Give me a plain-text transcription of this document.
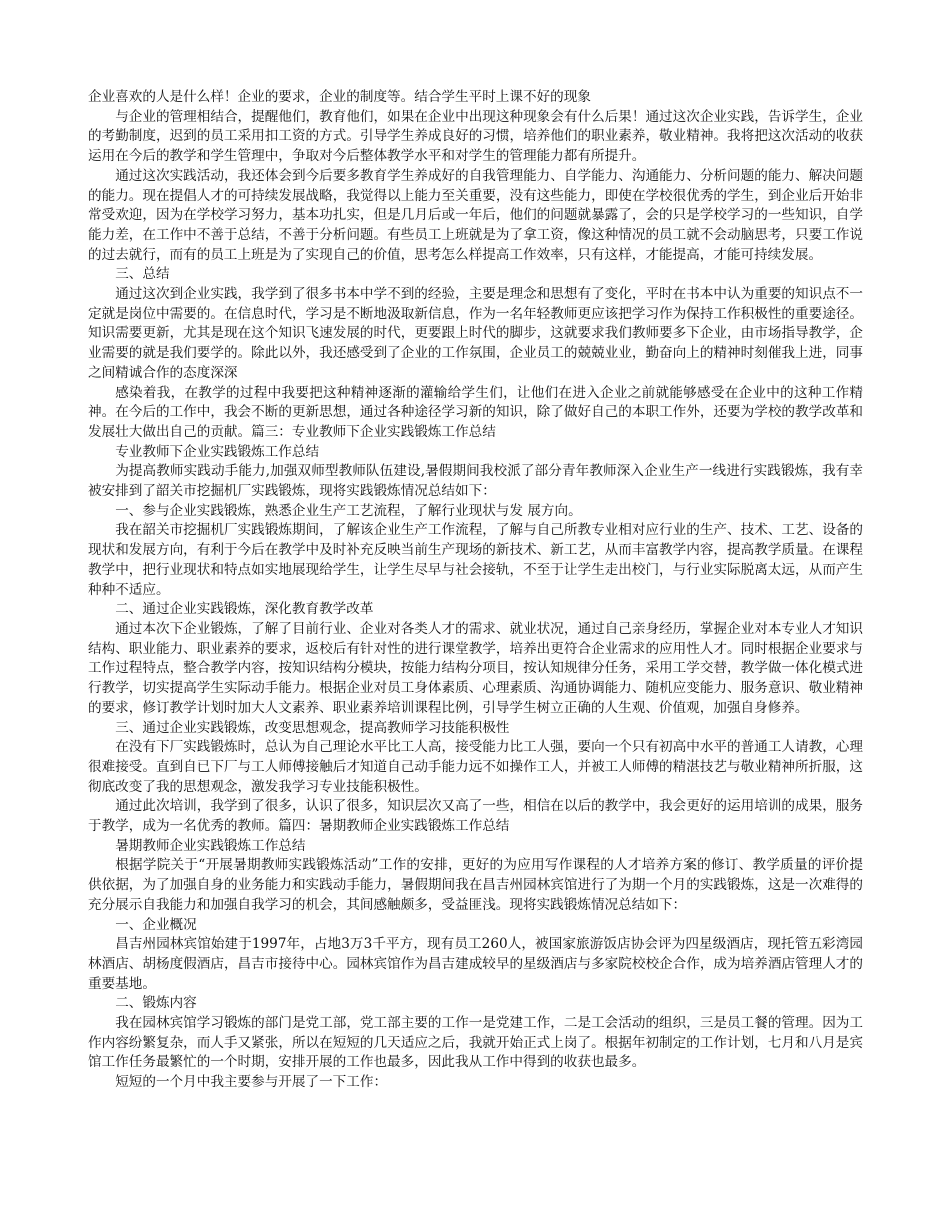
企业喜欢的人是什么样！企业的要求，企业的制度等。结合学生平时上课不好的现象

与企业的管理相结合，提醒他们，教育他们，如果在企业中出现这种现象会有什么后果！通过这次企业实践，告诉学生，企业的考勤制度，迟到的员工采用扣工资的方式。引导学生养成良好的习惯，培养他们的职业素养，敬业精神。我将把这次活动的收获运用在今后的教学和学生管理中，争取对今后整体教学水平和对学生的管理能力都有所提升。

通过这次实践活动，我还体会到今后要多教育学生养成好的自我管理能力、自学能力、沟通能力、分析问题的能力、解决问题的能力。现在提倡人才的可持续发展战略，我觉得以上能力至关重要，没有这些能力，即使在学校很优秀的学生，到企业后开始非常受欢迎，因为在学校学习努力，基本功扎实，但是几月后或一年后，他们的问题就暴露了，会的只是学校学习的一些知识，自学能力差，在工作中不善于总结，不善于分析问题。有些员工上班就是为了拿工资，像这种情况的员工就不会动脑思考，只要工作说的过去就行，而有的员工上班是为了实现自己的价值，思考怎么样提高工作效率，只有这样，才能提高，才能可持续发展。

三、总结

通过这次到企业实践，我学到了很多书本中学不到的经验，主要是理念和思想有了变化，平时在书本中认为重要的知识点不一定就是岗位中需要的。在信息时代，学习是不断地汲取新信息，作为一名年轻教师更应该把学习作为保持工作积极性的重要途径。知识需要更新，尤其是现在这个知识飞速发展的时代，更要跟上时代的脚步，这就要求我们教师要多下企业，由市场指导教学，企业需要的就是我们要学的。除此以外，我还感受到了企业的工作氛围，企业员工的兢兢业业，勤奋向上的精神时刻催我上进，同事之间精诚合作的态度深深

感染着我，在教学的过程中我要把这种精神逐渐的灌输给学生们，让他们在进入企业之前就能够感受在企业中的这种工作精神。在今后的工作中，我会不断的更新思想，通过各种途径学习新的知识，除了做好自己的本职工作外，还要为学校的教学改革和发展壮大做出自己的贡献。篇三：专业教师下企业实践锻炼工作总结

专业教师下企业实践锻炼工作总结

为提高教师实践动手能力,加强双师型教师队伍建设,暑假期间我校派了部分青年教师深入企业生产一线进行实践锻炼，我有幸被安排到了韶关市挖掘机厂实践锻炼，现将实践锻炼情况总结如下：

一、参与企业实践锻炼，熟悉企业生产工艺流程，了解行业现状与发 展方向。

我在韶关市挖掘机厂实践锻炼期间，了解该企业生产工作流程，了解与自己所教专业相对应行业的生产、技术、工艺、设备的现状和发展方向，有利于今后在教学中及时补充反映当前生产现场的新技术、新工艺，从而丰富教学内容，提高教学质量。在课程教学中，把行业现状和特点如实地展现给学生，让学生尽早与社会接轨，不至于让学生走出校门，与行业实际脱离太远，从而产生种种不适应。

二、通过企业实践锻炼，深化教育教学改革

通过本次下企业锻炼，了解了目前行业、企业对各类人才的需求、就业状况，通过自己亲身经历，掌握企业对本专业人才知识结构、职业能力、职业素养的要求，返校后有针对性的进行课堂教学，培养出更符合企业需求的应用性人才。同时根据企业要求与工作过程特点，整合教学内容，按知识结构分模块，按能力结构分项目，按认知规律分任务，采用工学交替，教学做一体化模式进行教学，切实提高学生实际动手能力。根据企业对员工身体素质、心理素质、沟通协调能力、随机应变能力、服务意识、敬业精神的要求，修订教学计划时加大人文素养、职业素养培训课程比例，引导学生树立正确的人生观、价值观，加强自身修养。

三、通过企业实践锻炼，改变思想观念，提高教师学习技能积极性

在没有下厂实践锻炼时，总认为自己理论水平比工人高，接受能力比工人强，要向一个只有初高中水平的普通工人请教，心理很难接受。直到自已下厂与工人师傅接触后才知道自己动手能力远不如操作工人，并被工人师傅的精湛技艺与敬业精神所折服，这彻底改变了我的思想观念，激发我学习专业技能积极性。

通过此次培训，我学到了很多，认识了很多，知识层次又高了一些，相信在以后的教学中，我会更好的运用培训的成果，服务于教学，成为一名优秀的教师。篇四：暑期教师企业实践锻炼工作总结

暑期教师企业实践锻炼工作总结

根据学院关于“开展暑期教师实践锻炼活动”工作的安排，更好的为应用写作课程的人才培养方案的修订、教学质量的评价提供依据，为了加强自身的业务能力和实践动手能力，暑假期间我在昌吉州园林宾馆进行了为期一个月的实践锻炼，这是一次难得的充分展示自我能力和加强自我学习的机会，其间感触颇多，受益匪浅。现将实践锻炼情况总结如下：

一、企业概况

昌吉州园林宾馆始建于1997年，占地3万3千平方，现有员工260人，被国家旅游饭店协会评为四星级酒店，现托管五彩湾园林酒店、胡杨度假酒店，昌吉市接待中心。园林宾馆作为昌吉建成较早的星级酒店与多家院校校企合作，成为培养酒店管理人才的重要基地。

二、锻炼内容

我在园林宾馆学习锻炼的部门是党工部，党工部主要的工作一是党建工作，二是工会活动的组织，三是员工餐的管理。因为工作内容纷繁复杂，而人手又紧张，所以在短短的几天适应之后，我就开始正式上岗了。根据年初制定的工作计划，七月和八月是宾馆工作任务最繁忙的一个时期，安排开展的工作也最多，因此我从工作中得到的收获也最多。

短短的一个月中我主要参与开展了一下工作：
